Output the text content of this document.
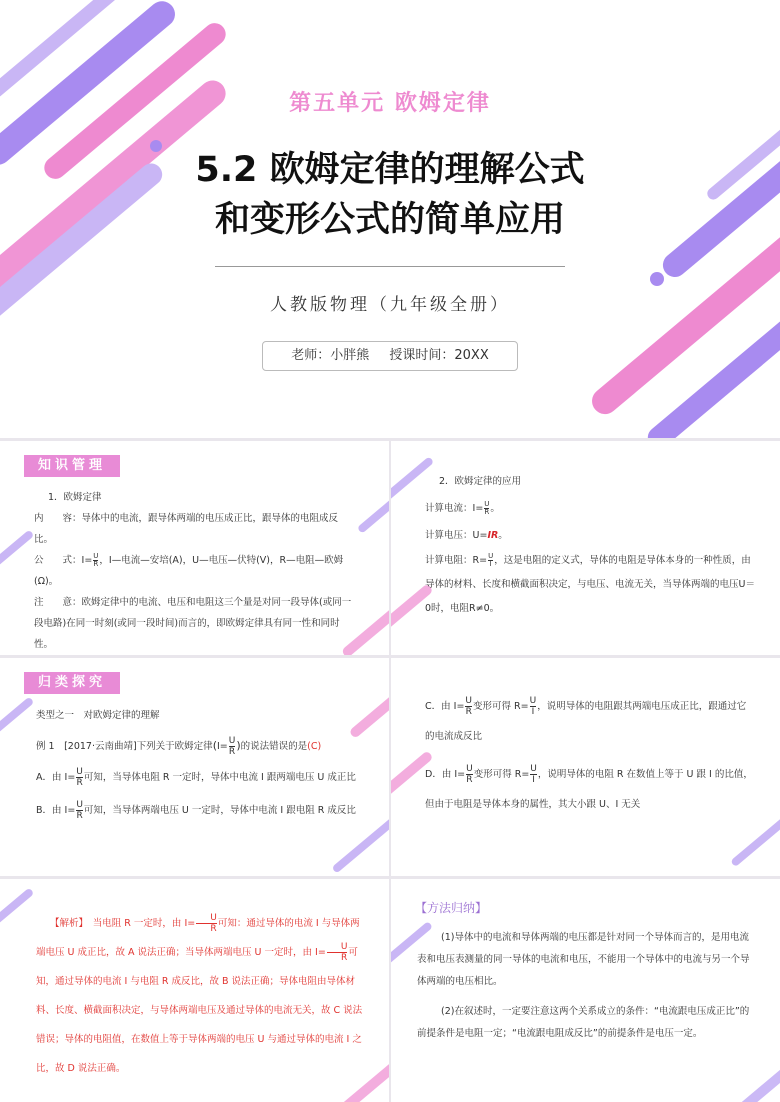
第五单元 欧姆定律
5.2 欧姆定律的理解公式
和变形公式的简单应用
人教版物理（九年级全册）
老师：小胖熊 授课时间：20XX
知识管理

1．欧姆定律

内　　容：导体中的电流，跟导体两端的电压成正比，跟导体的电阻成反比。

公　　式：$I= \frac{U}{R}$ ，I—电流—安培(A)，U—电压—伏特(V)，R—电阻—欧姆(Ω)。

注　　意：欧姆定律中的电流、电压和电阻这三个量是对同一段导体(或同一段电路)在同一时刻(或同一段时间)而言的，即欧姆定律具有同一性和同时性。

2．欧姆定律的应用

计算电流：$I= \frac{U}{R}$ 。

计算电压：U=IR。

计算电阻：$R= \frac{U}{I}$ ，这是电阻的定义式，导体的电阻是导体本身的一种性质，由导体的材料、长度和横截面积决定，与电压、电流无关，当导体两端的电压U＝0时，电阻R≠0。

归类探究

类型之一　对欧姆定律的理解

例 1　[2017·云南曲靖]下列关于欧姆定律($I= \frac{U}{R}$ )的说法错误的是(C)

A．由 $I= \frac{U}{R}$ 可知，当导体电阻 R 一定时，导体中电流 I 跟两端电压 U 成正比

B．由 $I= \frac{U}{R}$ 可知，当导体两端电压 U 一定时，导体中电流 I 跟电阻 R 成反比

C．由 $I= \frac{U}{R}$ 变形可得 $R= \frac{U}{I}$ ，说明导体的电阻跟其两端电压成正比，跟通过它的电流成反比

D．由 $I= \frac{U}{R}$ 变形可得 $R= \frac{U}{I}$ ，说明导体的电阻 R 在数值上等于 U 跟 I 的比值，但由于电阻是导体本身的属性，其大小跟 U、I 无关

【解析】　 当电阻 R 一定时，由 $I= \frac{U}{R}$ 可知：通过导体的电流 I 与导体两端电压 U 成正比，故 A 说法正确；当导体两端电压 U 一定时，由 $I= \frac{U}{R}$ 可知，通过导体的电流 I 与电阻 R 成反比，故 B 说法正确；导体电阻由导体材料、长度、横截面积决定，与导体两端电压及通过导体的电流无关，故 C 说法错误；导体的电阻值，在数值上等于导体两端的电压 U 与通过导体的电流 I 之比，故 D 说法正确。

【方法归纳】

(1)导体中的电流和导体两端的电压都是针对同一个导体而言的，是用电流表和电压表测量的同一导体的电流和电压，不能用一个导体中的电流与另一个导体两端的电压相比。

(2)在叙述时，一定要注意这两个关系成立的条件：“电流跟电压成正比”的前提条件是电阻一定；“电流跟电阻成反比”的前提条件是电压一定。
